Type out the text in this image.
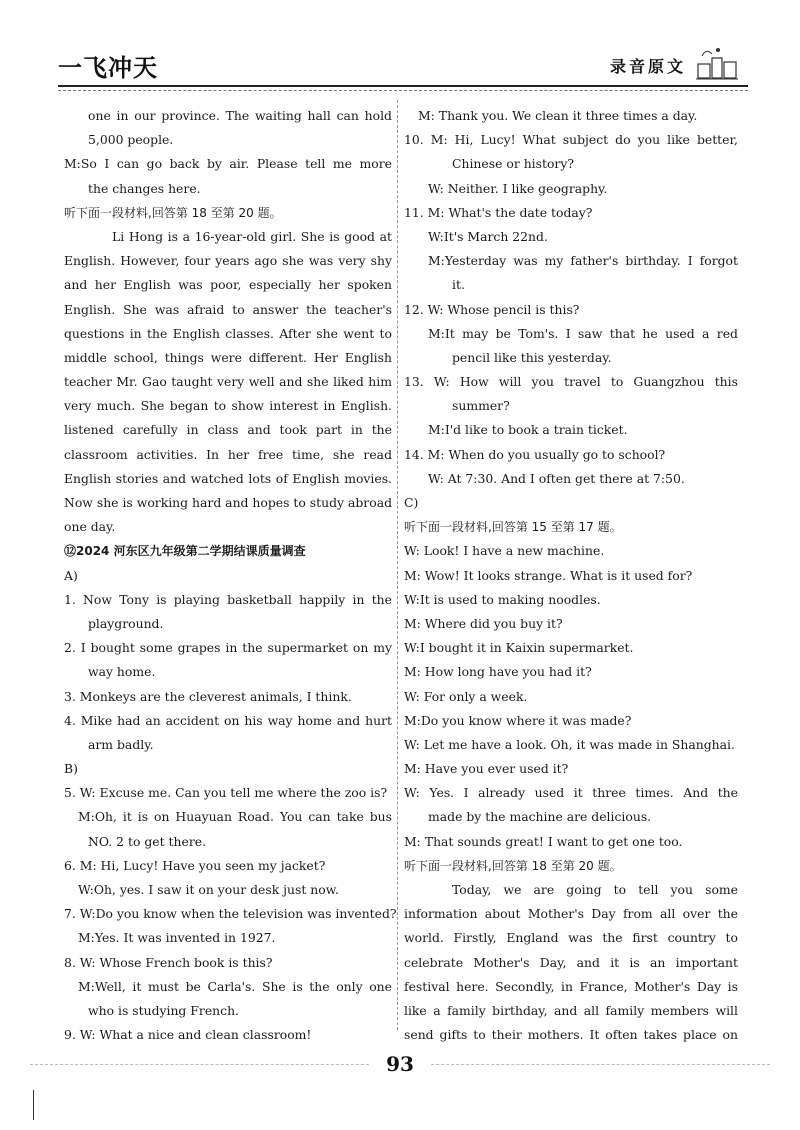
一飞冲天	录音原文
one in our province. The waiting hall can hold
5,000 people.
M:So I can go back by air. Please tell me more
the changes here.
听下面一段材料,回答第 18 至第 20 题。
Li Hong is a 16-year-old girl. She is good at
English. However, four years ago she was very shy
and her English was poor, especially her spoken
English. She was afraid to answer the teacher's
questions in the English classes. After she went to
middle school, things were different. Her English
teacher Mr. Gao taught very well and she liked him
very much. She began to show interest in English.
listened carefully in class and took part in the
classroom activities. In her free time, she read
English stories and watched lots of English movies.
Now she is working hard and hopes to study abroad
one day.
⑫2024 河东区九年级第二学期结课质量调查
A)
1. Now Tony is playing basketball happily in the
playground.
2. I bought some grapes in the supermarket on my
way home.
3. Monkeys are the cleverest animals, I think.
4. Mike had an accident on his way home and hurt
arm badly.
B)
5. W: Excuse me. Can you tell me where the zoo is?
M:Oh, it is on Huayuan Road. You can take bus
NO. 2 to get there.
6. M: Hi, Lucy! Have you seen my jacket?
W:Oh, yes. I saw it on your desk just now.
7. W:Do you know when the television was invented?
M:Yes. It was invented in 1927.
8. W: Whose French book is this?
M:Well, it must be Carla's. She is the only one
who is studying French.
9. W: What a nice and clean classroom!
M: Thank you. We clean it three times a day.
10. M: Hi, Lucy! What subject do you like better,
Chinese or history?
W: Neither. I like geography.
11. M: What's the date today?
W:It's March 22nd.
M:Yesterday was my father's birthday. I forgot
it.
12. W: Whose pencil is this?
M:It may be Tom's. I saw that he used a red
pencil like this yesterday.
13. W: How will you travel to Guangzhou this
summer?
M:I'd like to book a train ticket.
14. M: When do you usually go to school?
W: At 7:30. And I often get there at 7:50.
C)
听下面一段材料,回答第 15 至第 17 题。
W: Look! I have a new machine.
M: Wow! It looks strange. What is it used for?
W:It is used to making noodles.
M: Where did you buy it?
W:I bought it in Kaixin supermarket.
M: How long have you had it?
W: For only a week.
M:Do you know where it was made?
W: Let me have a look. Oh, it was made in Shanghai.
M: Have you ever used it?
W: Yes. I already used it three times. And the
made by the machine are delicious.
M: That sounds great! I want to get one too.
听下面一段材料,回答第 18 至第 20 题。
Today, we are going to tell you some
information about Mother's Day from all over the
world. Firstly, England was the first country to
celebrate Mother's Day, and it is an important
festival here. Secondly, in France, Mother's Day is
like a family birthday, and all family members will
send gifts to their mothers. It often takes place on
93
